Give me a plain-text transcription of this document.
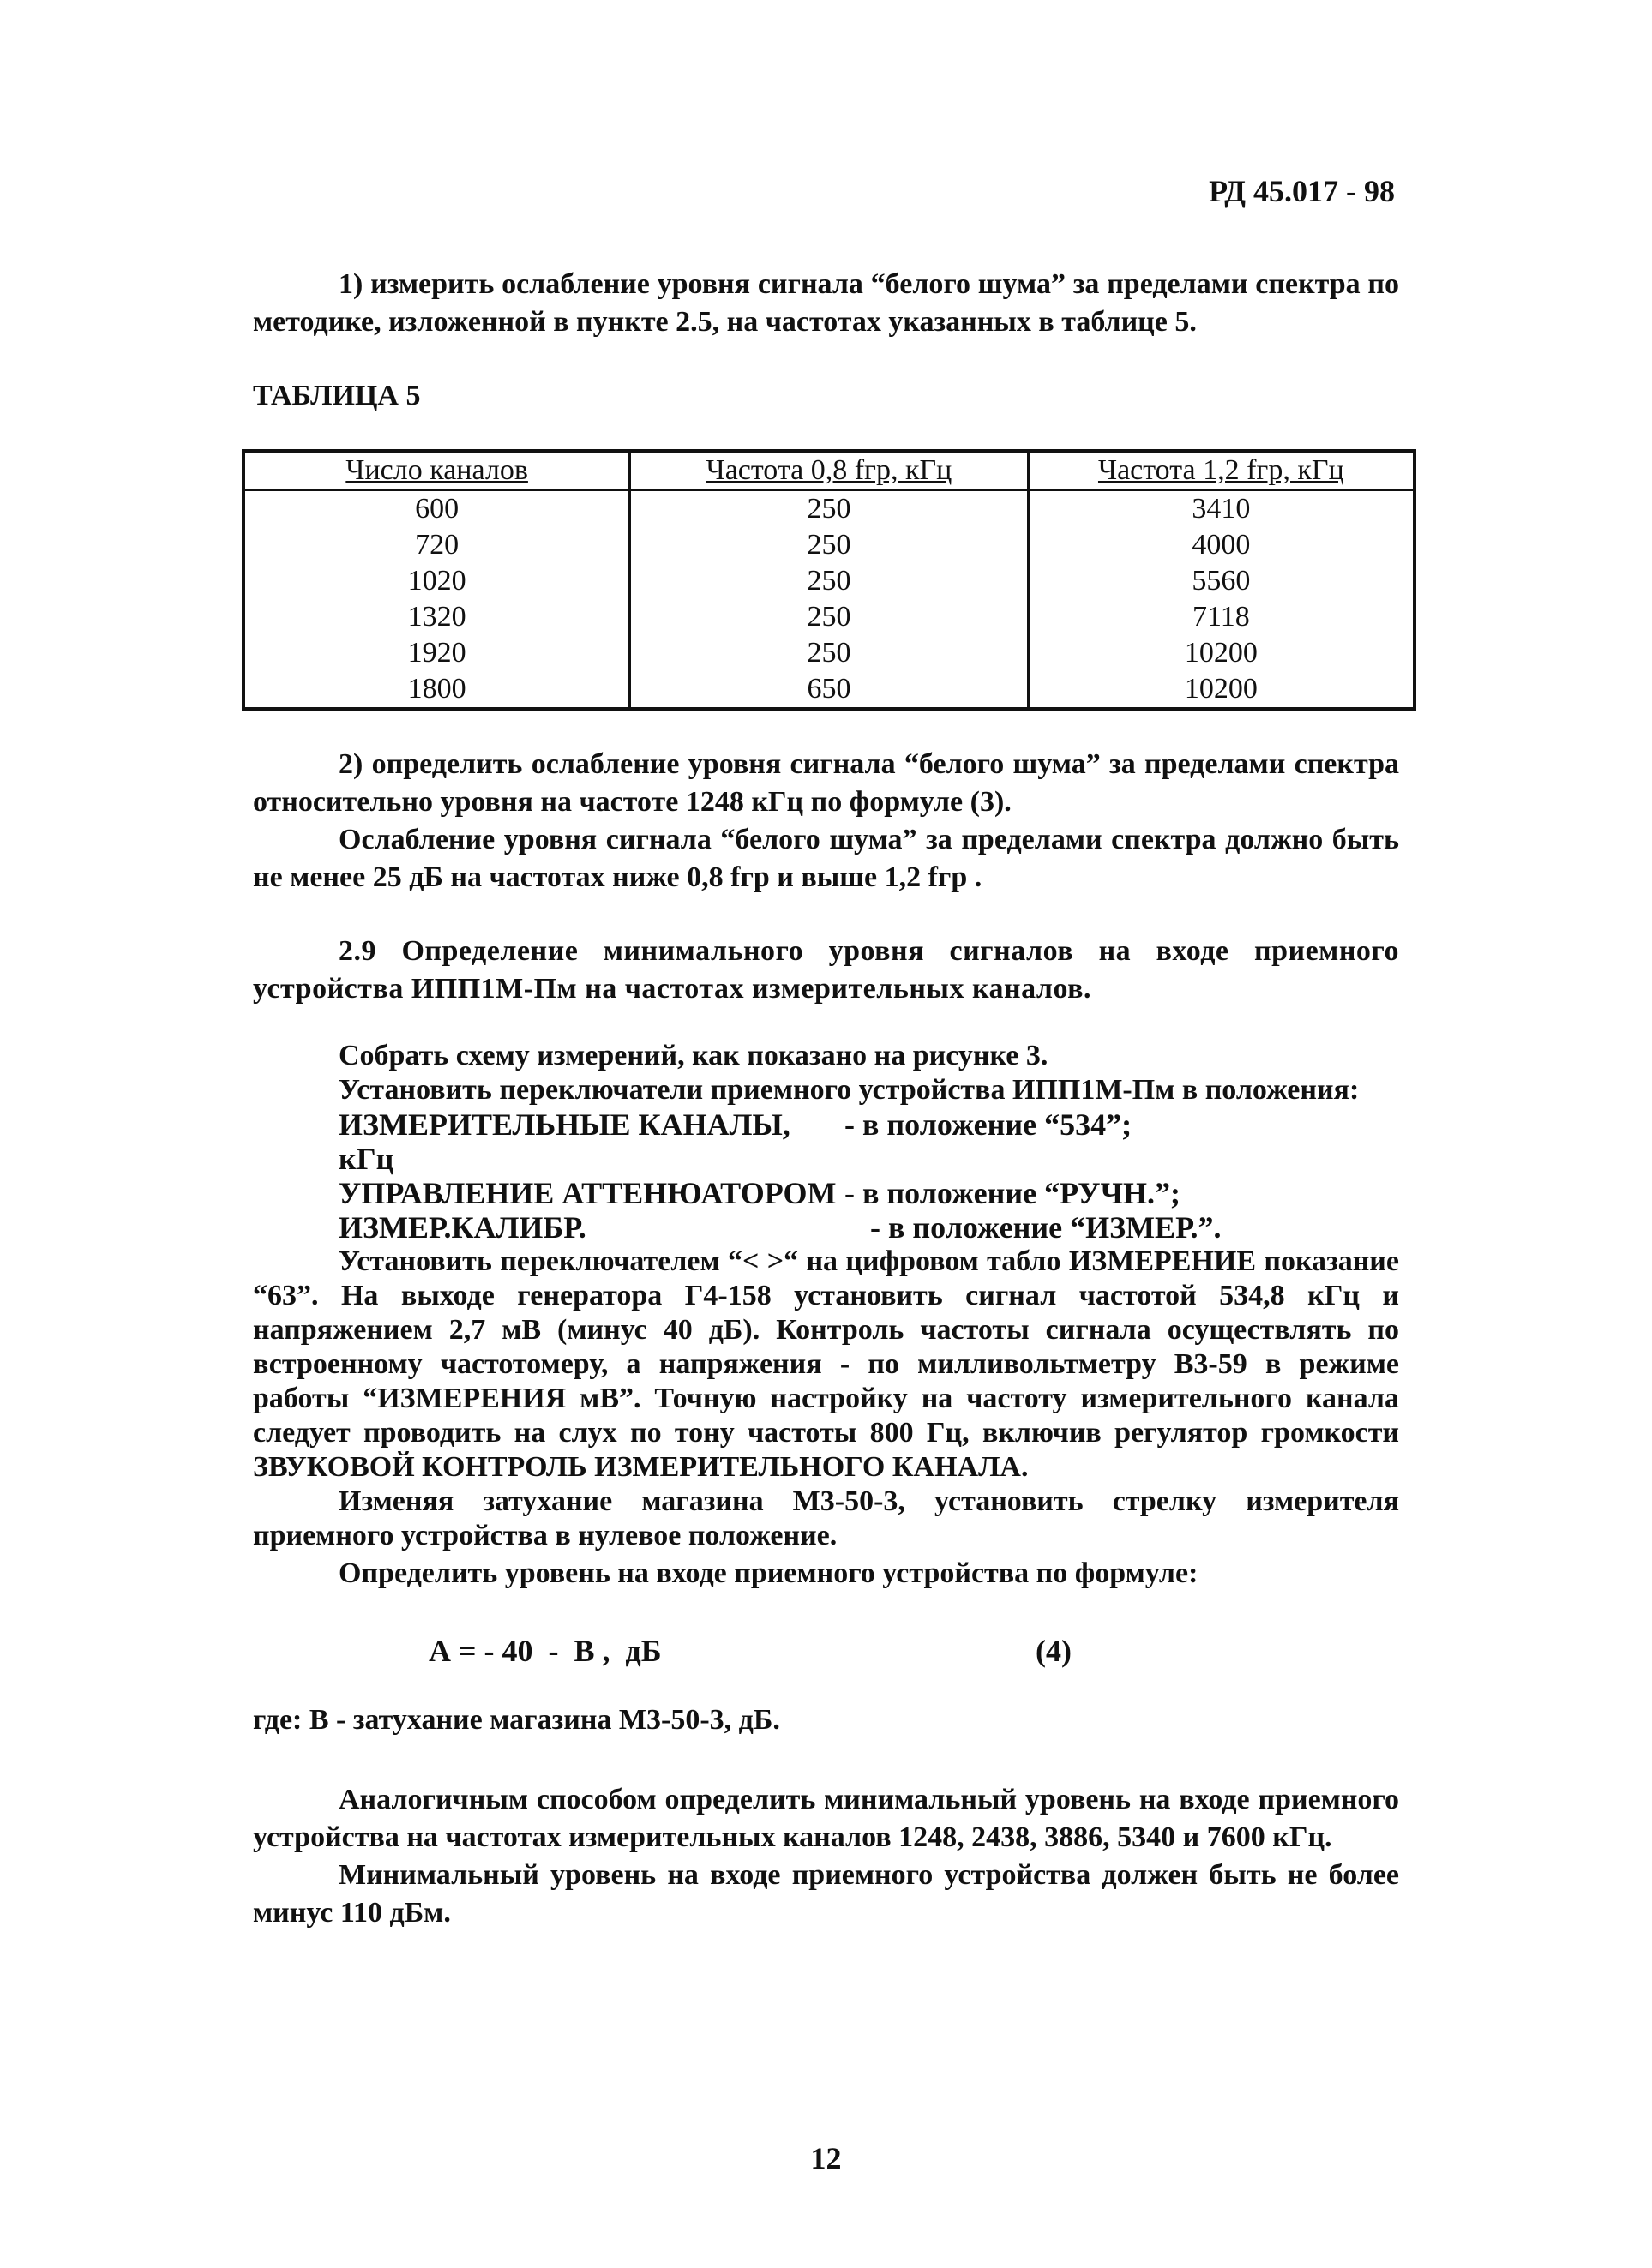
РД 45.017 - 98

1) измерить ослабление уровня сигнала “белого шума” за пределами спектра по методике, изложенной в пункте 2.5, на частотах указанных в таблице 5.

ТАБЛИЦА 5
Число каналов	Частота 0,8 fгр, кГц	Частота 1,2 fгр, кГц
600	250	3410
720	250	4000
1020	250	5560
1320	250	7118
1920	250	10200
1800	650	10200

2) определить ослабление уровня сигнала “белого шума” за пределами спектра относительно уровня на частоте 1248 кГц по формуле (3).

Ослабление уровня сигнала “белого шума” за пределами спектра должно быть не менее 25 дБ на частотах ниже 0,8 fгр и выше 1,2 fгр .

2.9 Определение минимального уровня сигналов на входе приемного устройства ИПП1М-Пм на частотах измерительных каналов.
Собрать схему измерений, как показано на рисунке 3.
Установить переключатели приемного устройства ИПП1М-Пм в положения:
ИЗМЕРИТЕЛЬНЫЕ КАНАЛЫ, кГц
- в положение “534”;
УПРАВЛЕНИЕ АТТЕНЮАТОРОМ - в положение “РУЧН.”;
ИЗМЕР.КАЛИБР.	- в положение “ИЗМЕР.”.
Установить переключателем “< >“ на цифровом табло ИЗМЕРЕНИЕ показание “63”. На выходе генератора Г4-158 установить сигнал частотой 534,8 кГц и напряжением 2,7 мВ (минус 40 дБ). Контроль частоты сигнала осуществлять по встроенному частотомеру, а напряжения - по милливольтметру В3-59 в режиме работы “ИЗМЕРЕНИЯ мВ”. Точную настройку на частоту измерительного канала следует проводить на слух по тону частоты 800 Гц, включив регулятор громкости ЗВУКОВОЙ КОНТРОЛЬ ИЗМЕРИТЕЛЬНОГО КАНАЛА.
Изменяя затухание магазина М3-50-3, установить стрелку измерителя приемного устройства в нулевое положение.
Определить уровень на входе приемного устройства по формуле:
А = - 40  -  В ,  дБ	(4)
где: В - затухание магазина М3-50-3, дБ.

Аналогичным способом определить минимальный уровень на входе приемного устройства на частотах измерительных каналов 1248, 2438, 3886, 5340 и 7600 кГц.

Минимальный уровень на входе приемного устройства должен быть не более минус 110 дБм.

12
